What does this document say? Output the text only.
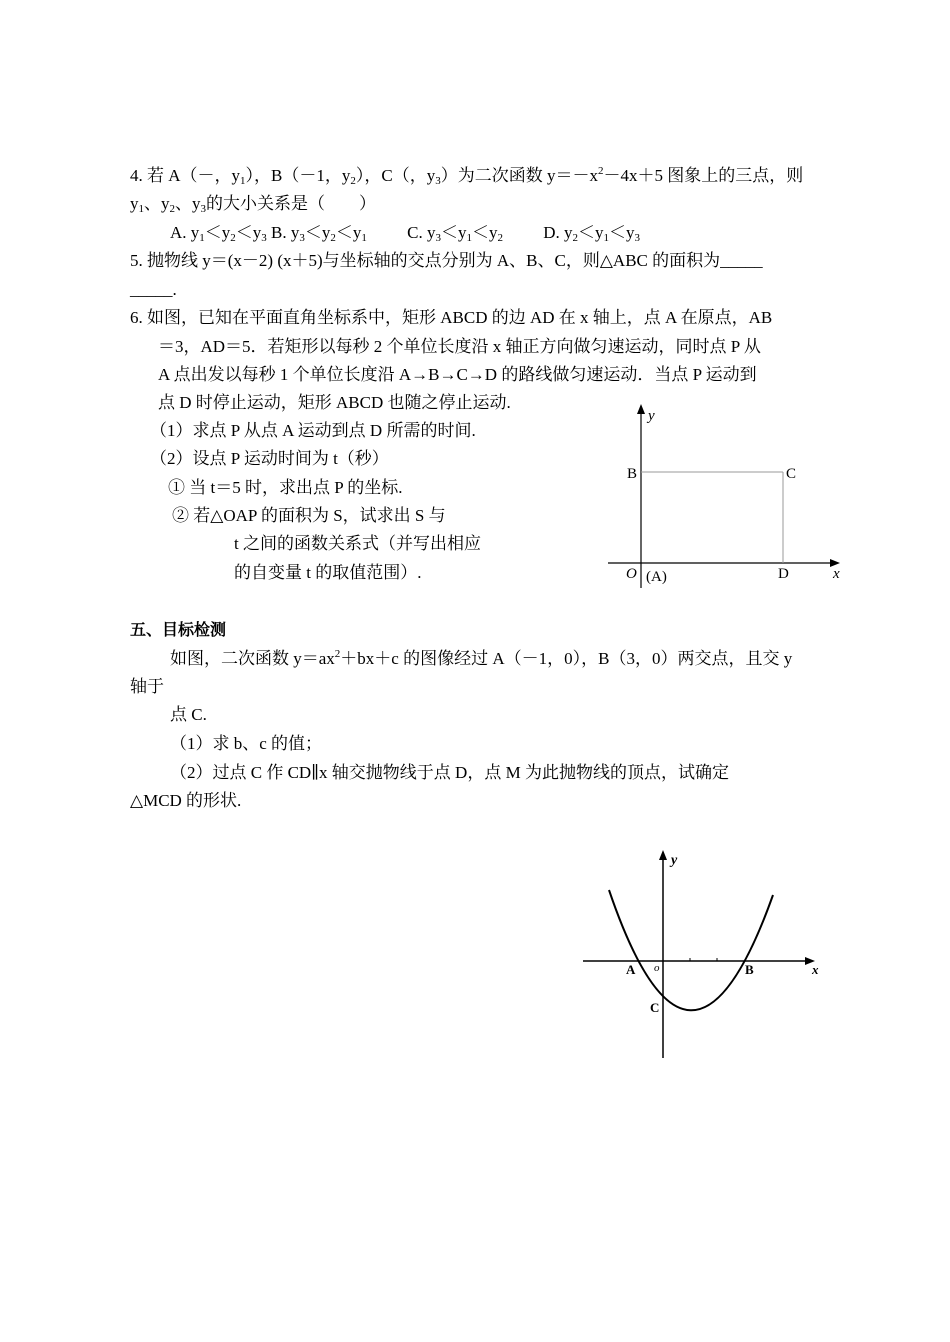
4. 若 A（－，$y_1$），B（－1，$y_2$），C（，$y_3$）为二次函数 $y=-x^2-4x+5$ 图象上的三点，则
$y_1$、$y_2$、$y_3$的大小关系是（　　）
A. $y_1<y_2<y_3$ B. $y_3<y_2<y_1$ C. $y_3<y_1<y_2$ D. $y_2<y_1<y_3$
5. 抛物线 y＝(x－2) (x＋5)与坐标轴的交点分别为 A、B、C，则△ABC 的面积为_____
_____.
6. 如图，已知在平面直角坐标系中，矩形 ABCD 的边 AD 在 x 轴上，点 A 在原点，AB
＝3，AD＝5．若矩形以每秒 2 个单位长度沿 x 轴正方向做匀速运动，同时点 P 从
A 点出发以每秒 1 个单位长度沿 A→B→C→D 的路线做匀速运动．当点 P 运动到
点 D 时停止运动，矩形 ABCD 也随之停止运动.
（1）求点 P 从点 A 运动到点 D 所需的时间.
（2）设点 P 运动时间为 t（秒）
① 当 t＝5 时，求出点 P 的坐标.
② 若△OAP 的面积为 S，试求出 S 与
t 之间的函数关系式（并写出相应
的自变量 t 的取值范围）.
y
B	C
O (A)	D	x
五、目标检测
如图，二次函数 $y=ax^2+bx+c$ 的图像经过 A（－1，0），B（3，0）两交点，且交 y
轴于
点 C.
（1）求 b、c 的值；
（2）过点 C 作 CD∥x 轴交抛物线于点 D，点 M 为此抛物线的顶点，试确定
△MCD 的形状.
y
A o	B
C
x
